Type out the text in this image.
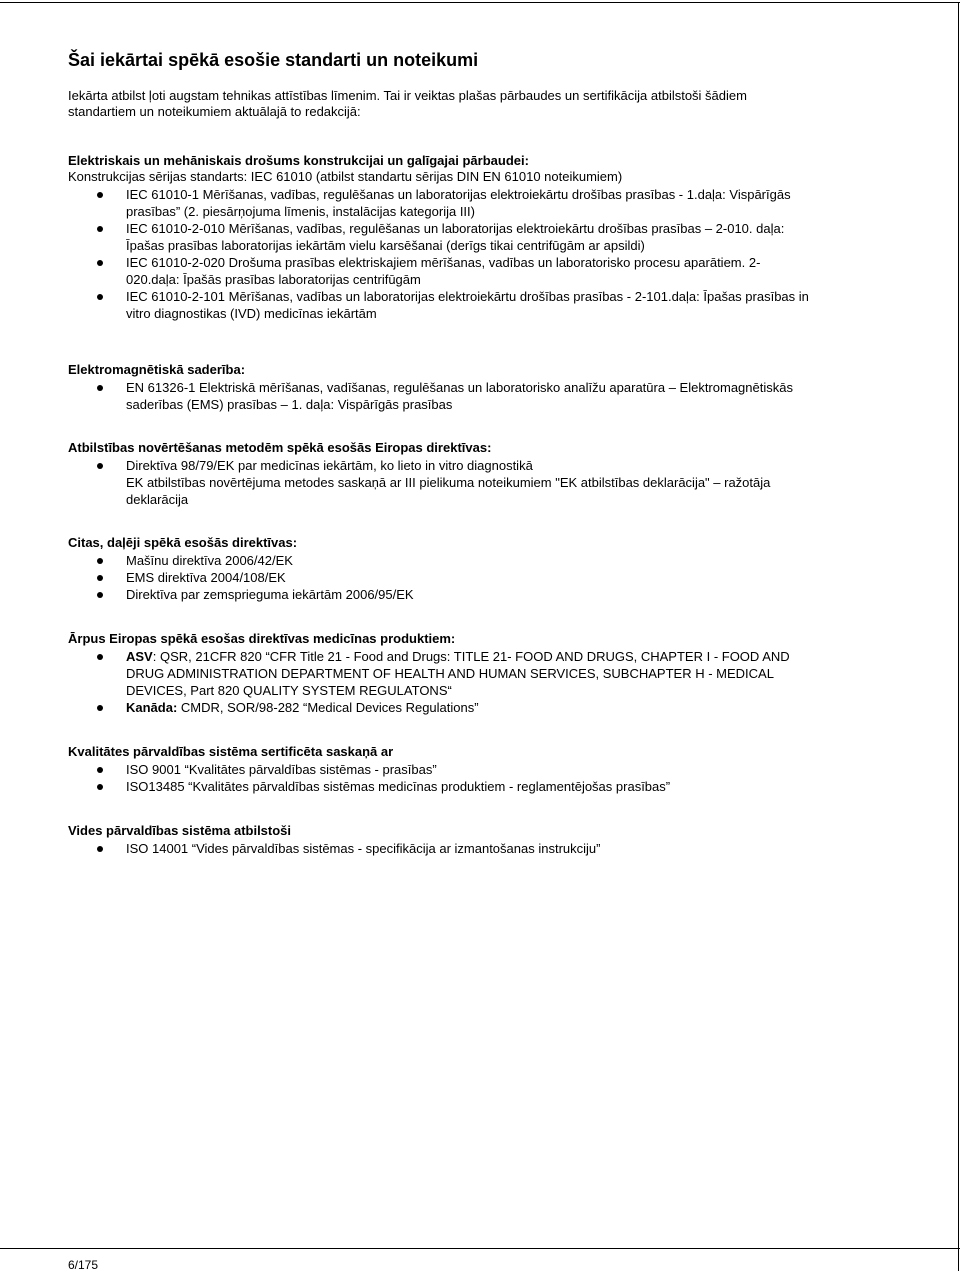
Šai iekārtai spēkā esošie standarti un noteikumi

Iekārta atbilst ļoti augstam tehnikas attīstības līmenim. Tai ir veiktas plašas pārbaudes un sertifikācija atbilstoši šādiem standartiem un noteikumiem aktuālajā to redakcijā:

Elektriskais un mehāniskais drošums konstrukcijai un galīgajai pārbaudei:

Konstrukcijas sērijas standarts: IEC 61010 (atbilst standartu sērijas DIN EN 61010 noteikumiem)

IEC 61010-1 Mērīšanas, vadības, regulēšanas un laboratorijas elektroiekārtu drošības prasības - 1.daļa: Vispārīgās prasības” (2. piesārņojuma līmenis, instalācijas kategorija III)
IEC 61010-2-010 Mērīšanas, vadības, regulēšanas un laboratorijas elektroiekārtu drošības prasības – 2-010. daļa: Īpašas prasības laboratorijas iekārtām vielu karsēšanai (derīgs tikai centrifūgām ar apsildi)
IEC 61010-2-020 Drošuma prasības elektriskajiem mērīšanas, vadības un laboratorisko procesu aparātiem. 2-020.daļa: Īpašās prasības laboratorijas centrifūgām
IEC 61010-2-101 Mērīšanas, vadības un laboratorijas elektroiekārtu drošības prasības - 2-101.daļa: Īpašas prasības in vitro diagnostikas (IVD) medicīnas iekārtām

Elektromagnētiskā saderība:

EN 61326-1 Elektriskā mērīšanas, vadīšanas, regulēšanas un laboratorisko analīžu aparatūra – Elektromagnētiskās saderības (EMS) prasības – 1. daļa: Vispārīgās prasības

Atbilstības novērtēšanas metodēm spēkā esošās Eiropas direktīvas:

Direktīva 98/79/EK par medicīnas iekārtām, ko lieto in vitro diagnostikā
EK atbilstības novērtējuma metodes saskaņā ar III pielikuma noteikumiem "EK atbilstības deklarācija" – ražotāja deklarācija

Citas, daļēji spēkā esošās direktīvas:

Mašīnu direktīva 2006/42/EK
EMS direktīva 2004/108/EK
Direktīva par zemsprieguma iekārtām 2006/95/EK

Ārpus Eiropas spēkā esošas direktīvas medicīnas produktiem:

ASV: QSR, 21CFR 820 “CFR Title 21 - Food and Drugs: TITLE 21- FOOD AND DRUGS, CHAPTER I - FOOD AND DRUG ADMINISTRATION DEPARTMENT OF HEALTH AND HUMAN SERVICES, SUBCHAPTER H - MEDICAL DEVICES, Part 820 QUALITY SYSTEM REGULATONS“
Kanāda: CMDR, SOR/98-282 “Medical Devices Regulations”

Kvalitātes pārvaldības sistēma sertificēta saskaņā ar

ISO 9001 “Kvalitātes pārvaldības sistēmas - prasības”
ISO13485 “Kvalitātes pārvaldības sistēmas medicīnas produktiem - reglamentējošas prasības”

Vides pārvaldības sistēma atbilstoši

ISO 14001 “Vides pārvaldības sistēmas - specifikācija ar izmantošanas instrukciju”
6/175
